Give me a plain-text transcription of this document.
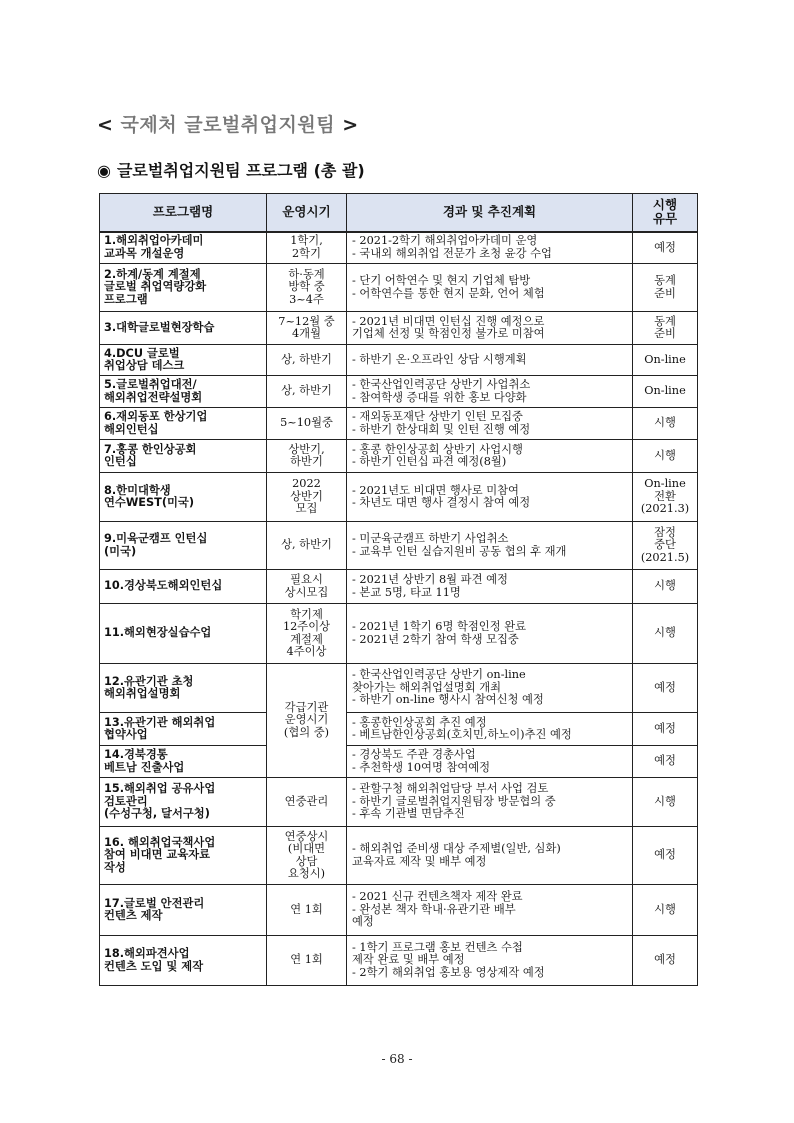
< 국제처 글로벌취업지원팀 >
◉ 글로벌취업지원팀 프로그램 (총 괄)
프로그램명	운영시기	경과 및 추진계획	시행
유무
1.해외취업아카데미
교과목 개설운영	1학기,
2학기	- 2021-2학기 해외취업아카데미 운영
- 국내외 해외취업 전문가 초청 윤강 수업	예정
2.하계/동계 계절제
글로벌 취업역량강화
프로그램	하·동계
방학 중
3~4주	- 단기 어학연수 및 현지 기업체 탐방
- 어학연수를 통한 현지 문화, 언어 체험	동계
준비
3.대학글로벌현장학습	7~12월 중
4개월	- 2021년 비대면 인턴십 진행 예정으로
기업체 선정 및 학점인정 불가로 미참여	동계
준비
4.DCU 글로벌
취업상담 데스크	상, 하반기	- 하반기 온·오프라인 상담 시행계획	On-line
5.글로벌취업대전/
해외취업전략설명회	상, 하반기	- 한국산업인력공단 상반기 사업취소
- 참여학생 증대를 위한 홍보 다양화	On-line
6.재외동포 한상기업
해외인턴십	5~10월중	- 재외동포재단 상반기 인턴 모집중
- 하반기 한상대회 및 인턴 진행 예정	시행
7.홍콩 한인상공회
인턴십	상반기,
하반기	- 홍콩 한인상공회 상반기 사업시행
- 하반기 인턴십 파견 예정(8월)	시행
8.한미대학생
연수WEST(미국)	2022
상반기
모집	- 2021년도 비대면 행사로 미참여
- 차년도 대면 행사 결정시 참여 예정	On-line
전환
(2021.3)
9.미육군캠프 인턴십
(미국)	상, 하반기	- 미군육군캠프 하반기 사업취소
- 교육부 인턴 실습지원비 공동 협의 후 재개	잠정
중단
(2021.5)
10.경상북도해외인턴십	필요시
상시모집	- 2021년 상반기 8월 파견 예정
- 본교 5명, 타교 11명	시행
11.해외현장실습수업	학기제
12주이상
계절제
4주이상	- 2021년 1학기 6명 학점인정 완료
- 2021년 2학기 참여 학생 모집중	시행
12.유관기관 초청
해외취업설명회	각급기관
운영시기
(협의 중)	- 한국산업인력공단 상반기 on-line
찾아가는 해외취업설명회 개최
- 하반기 on-line 행사시 참여신청 예정	예정
13.유관기관 해외취업
협약사업		- 홍콩한인상공회 추진 예정
- 베트남한인상공회(호치민,하노이)추진 예정	예정
14.경북경통
베트남 진출사업		- 경상북도 주관 경총사업
- 추천학생 10여명 참여예정	예정
15.해외취업 공유사업
검토관리
(수성구청, 달서구청)	연중관리	- 관할구청 해외취업담당 부서 사업 검토
- 하반기 글로벌취업지원팀장 방문협의 중
- 후속 기관별 면담추진	시행
16. 해외취업국책사업
참여 비대면 교육자료
작성	연중상시
(비대면
상담
요청시)	- 해외취업 준비생 대상 주제별(일반, 심화)
교육자료 제작 및 배부 예정	예정
17.글로벌 안전관리
컨텐츠 제작	연 1회	- 2021 신규 컨텐츠책자 제작 완료
- 완성본 책자 학내·유관기관 배부
예정	시행
18.해외파견사업
컨텐츠 도입 및 제작	연 1회	- 1학기 프로그램 홍보 컨텐츠 수첩
제작 완료 및 배부 예정
- 2학기 해외취업 홍보용 영상제작 예정	예정
- 68 -
